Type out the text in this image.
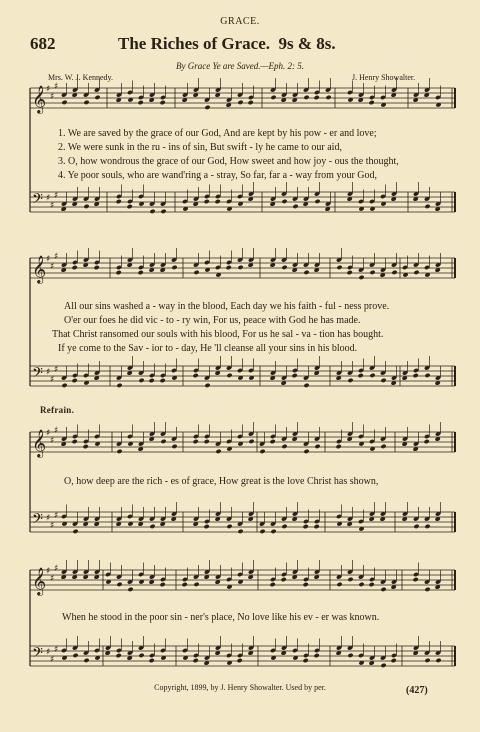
GRACE.
682	The Riches of Grace. 9s & 8s.
By Grace Ye are Saved.—Eph. 2: 5.
Mrs. W. J. Kennedy.	J. Henry Showalter.
𝄞 ♯
♯
♯
𝄢 ♯
♯
♯
𝄞 ♯
♯
♯
𝄢 ♯
♯
♯
𝄞 ♯
♯
♯
𝄢 ♯
♯
♯
𝄞 ♯
♯
♯
𝄢 ♯
♯
♯
1. We are saved by the grace of our God, And are kept by his pow - er and love;
2. We were sunk in the ru - ins of sin, But swift - ly he came to our aid,
3. O, how wondrous the grace of our God, How sweet and how joy - ous the thought,
4. Ye poor souls, who are wand'ring a - stray, So far, far a - way from your God,
All our sins washed a - way in the blood, Each day we his faith - ful - ness prove.
O'er our foes he did vic - to - ry win, For us, peace with God he has made.
That Christ ransomed our souls with his blood, For us he sal - va - tion has bought.
If ye come to the Sav - ior to - day, He 'll cleanse all your sins in his blood.
Refrain.
O, how deep are the rich - es of grace, How great is the love Christ has shown,
When he stood in the poor sin - ner's place, No love like his ev - er was known.
Copyright, 1899, by J. Henry Showalter. Used by per.	(427)
